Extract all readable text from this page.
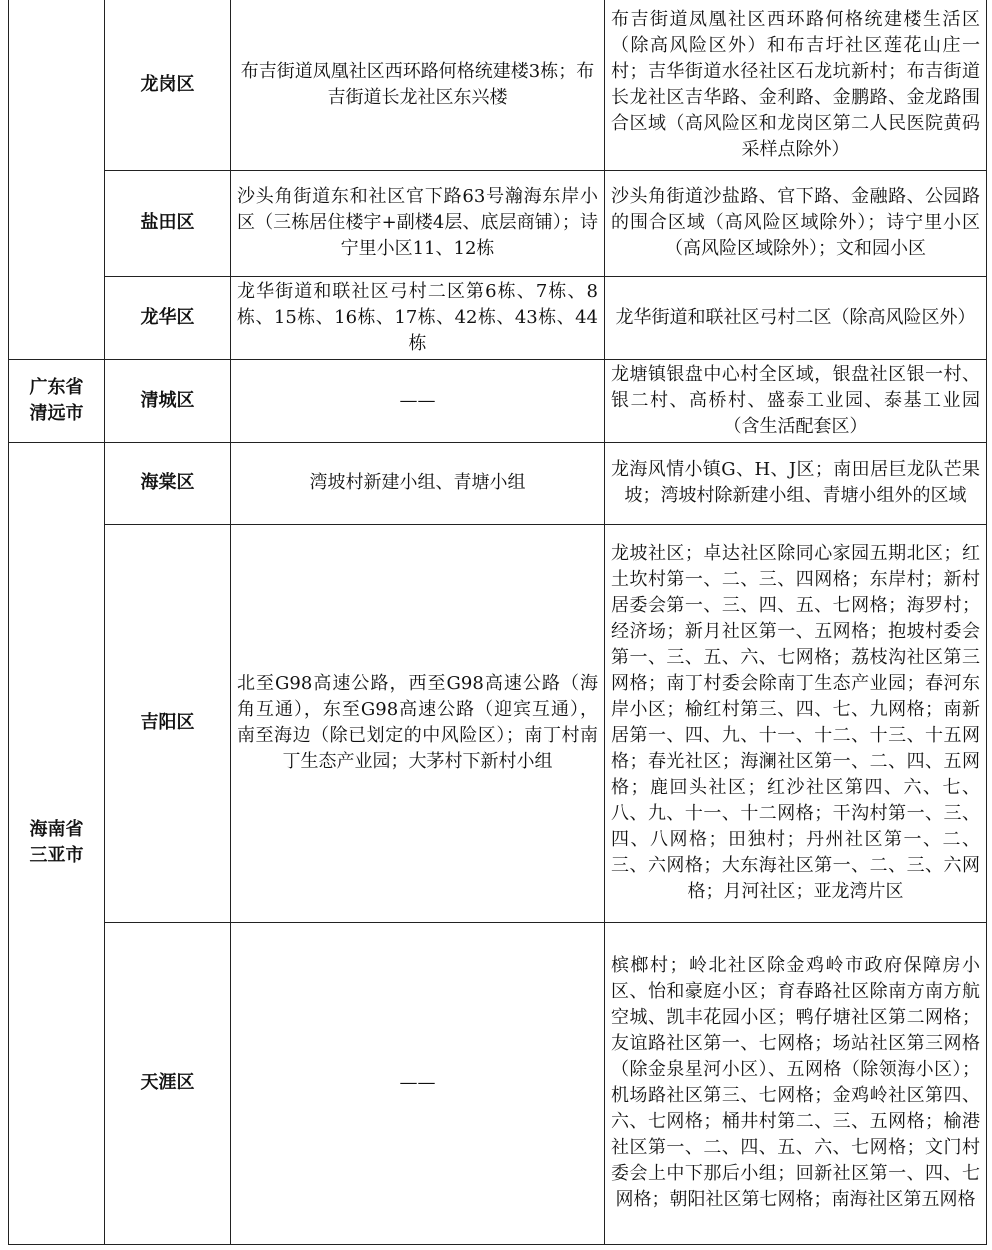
	龙岗区	布吉街道凤凰社区西环路何格统建楼3栋；布吉街道长龙社区东兴楼	布吉街道凤凰社区西环路何格统建楼生活区（除高风险区外）和布吉圩社区莲花山庄一村；吉华街道水径社区石龙坑新村；布吉街道长龙社区吉华路、金利路、金鹏路、金龙路围合区域（高风险区和龙岗区第二人民医院黄码采样点除外）
	盐田区	沙头角街道东和社区官下路63号瀚海东岸小区（三栋居住楼宇+副楼4层、底层商铺）；诗宁里小区11、12栋	沙头角街道沙盐路、官下路、金融路、公园路的围合区域（高风险区域除外）；诗宁里小区（高风险区域除外）；文和园小区
	龙华区	龙华街道和联社区弓村二区第6栋、7栋、8栋、15栋、16栋、17栋、42栋、43栋、44栋	龙华街道和联社区弓村二区（除高风险区外）
广东省
清远市	清城区	——	龙塘镇银盘中心村全区域，银盘社区银一村、银二村、高桥村、盛泰工业园、泰基工业园（含生活配套区）
海南省
三亚市	海棠区	湾坡村新建小组、青塘小组	龙海风情小镇G、H、J区；南田居巨龙队芒果坡；湾坡村除新建小组、青塘小组外的区域
	吉阳区	北至G98高速公路，西至G98高速公路（海角互通），东至G98高速公路（迎宾互通），南至海边（除已划定的中风险区）；南丁村南丁生态产业园；大茅村下新村小组	龙坡社区；卓达社区除同心家园五期北区；红土坎村第一、二、三、四网格；东岸村；新村居委会第一、三、四、五、七网格；海罗村；经济场；新月社区第一、五网格；抱坡村委会第一、三、五、六、七网格；荔枝沟社区第三网格；南丁村委会除南丁生态产业园；春河东岸小区；榆红村第三、四、七、九网格；南新居第一、四、九、十一、十二、十三、十五网格；春光社区；海澜社区第一、二、四、五网格；鹿回头社区；红沙社区第四、六、七、八、九、十一、十二网格；干沟村第一、三、四、八网格；田独村；丹州社区第一、二、三、六网格；大东海社区第一、二、三、六网格；月河社区；亚龙湾片区
	天涯区	——	槟榔村；岭北社区除金鸡岭市政府保障房小区、怡和豪庭小区；育春路社区除南方南方航空城、凯丰花园小区；鸭仔塘社区第二网格；友谊路社区第一、七网格；场站社区第三网格（除金泉星河小区）、五网格（除领海小区）；机场路社区第三、七网格；金鸡岭社区第四、六、七网格；桶井村第二、三、五网格；榆港社区第一、二、四、五、六、七网格；文门村委会上中下那后小组；回新社区第一、四、七网格；朝阳社区第七网格；南海社区第五网格
